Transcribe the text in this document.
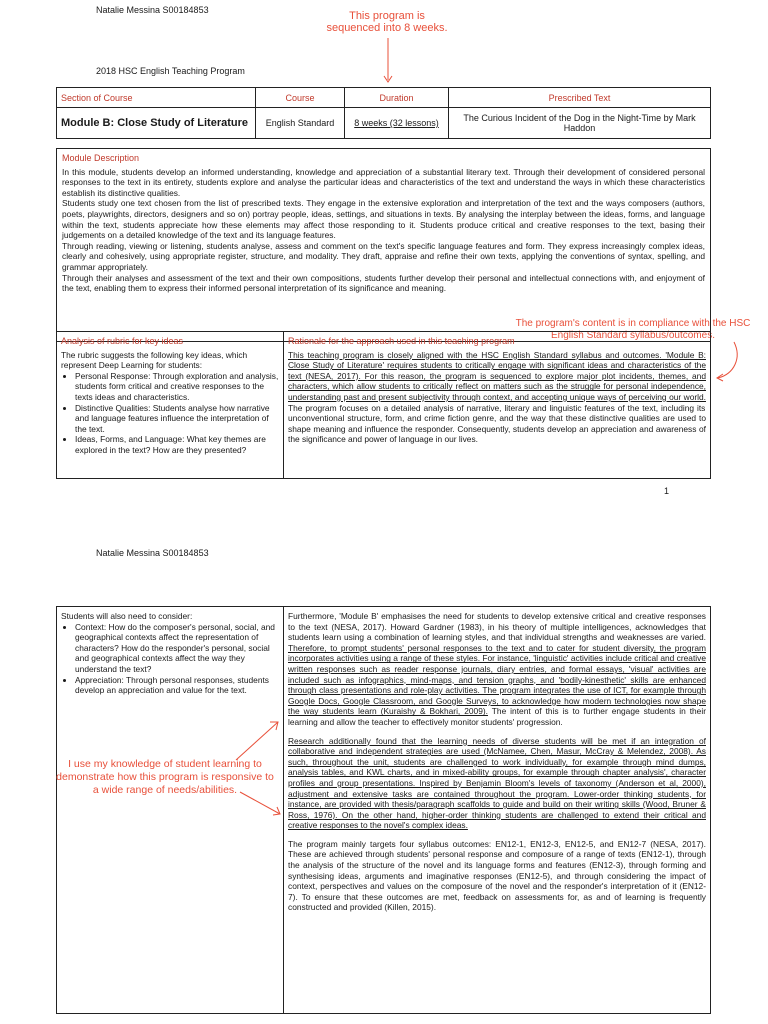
Natalie Messina S00184853	This program is sequenced into 8 weeks.
2018 HSC English Teaching Program
Section of Course	Course	Duration	Prescribed Text
Module B: Close Study of Literature	English Standard	8 weeks (32 lessons)	The Curious Incident of the Dog in the Night-Time by Mark Haddon
Module Description

In this module, students develop an informed understanding, knowledge and appreciation of a substantial literary text. Through their development of considered personal responses to the text in its entirety, students explore and analyse the particular ideas and characteristics of the text and understand the ways in which these characteristics establish its distinctive qualities.

Students study one text chosen from the list of prescribed texts. They engage in the extensive exploration and interpretation of the text and the ways composers (authors, poets, playwrights, directors, designers and so on) portray people, ideas, settings, and situations in texts. By analysing the interplay between the ideas, forms, and language within the text, students appreciate how these elements may affect those responding to it. Students produce critical and creative responses to the text, basing their judgements on a detailed knowledge of the text and its language features.

Through reading, viewing or listening, students analyse, assess and comment on the text's specific language features and form. They express increasingly complex ideas, clearly and cohesively, using appropriate register, structure, and modality. They draft, appraise and refine their own texts, applying the conventions of syntax, spelling, and grammar appropriately.

Through their analyses and assessment of the text and their own compositions, students further develop their personal and intellectual connections with, and enjoyment of the text, enabling them to express their informed personal interpretation of its significance and meaning.

The program's content is in compliance with the HSC English Standard syllabus/outcomes.
Analysis of rubric for key ideas

The rubric suggests the following key ideas, which represent Deep Learning for students:

• Personal Response: Through exploration and analysis, students form critical and creative responses to the texts ideas and characteristics.
• Distinctive Qualities: Students analyse how narrative and language features influence the interpretation of the text.
• Ideas, Forms, and Language: What key themes are explored in the text? How are they presented?
Rationale for the approach used in this teaching program

This teaching program is closely aligned with the HSC English Standard syllabus and outcomes. 'Module B: Close Study of Literature' requires students to critically engage with significant ideas and characteristics of the text (NESA, 2017). For this reason, the program is sequenced to explore major plot incidents, themes, and characters, which allow students to critically reflect on matters such as the struggle for personal independence, understanding past and present subjectivity through context, and accepting unique ways of perceiving our world. The program focuses on a detailed analysis of narrative, literary and linguistic features of the text, including its unconventional structure, form, and crime fiction genre, and the way that these distinctive qualities are used to shape meaning and influence the responder. Consequently, students develop an appreciation and awareness of the significance and power of language in our lives.

1
Natalie Messina S00184853

Students will also need to consider:

• Context: How do the composer's personal, social, and geographical contexts affect the representation of characters? How do the responder's personal, social and geographical contexts affect the way they understand the text?
• Appreciation: Through personal responses, students develop an appreciation and value for the text.

Furthermore, 'Module B' emphasises the need for students to develop extensive critical and creative responses to the text (NESA, 2017). Howard Gardner (1983), in his theory of multiple intelligences, acknowledges that students learn using a combination of learning styles, and that individual strengths and weaknesses are varied. Therefore, to prompt students' personal responses to the text and to cater for student diversity, the program incorporates activities using a range of these styles. For instance, 'linguistic' activities include critical and creative written responses such as reader response journals, diary entries, and formal essays, 'visual' activities are included such as infographics, mind-maps, and tension graphs, and 'bodily-kinesthetic' skills are enhanced through class presentations and role-play activities. The program integrates the use of ICT, for example through Google Docs, Google Classroom, and Google Surveys, to acknowledge how modern technologies now shape the way students learn (Kuraishy & Bokhari, 2009). The intent of this is to further engage students in their learning and allow the teacher to effectively monitor students' progression.

Research additionally found that the learning needs of diverse students will be met if an integration of collaborative and independent strategies are used (McNamee, Chen, Masur, McCray & Melendez, 2008). As such, throughout the unit, students are challenged to work individually, for example through mind dumps, analysis tables, and KWL charts, and in mixed-ability groups, for example through chapter analysis', character profiles and group presentations. Inspired by Benjamin Bloom's levels of taxonomy (Anderson et al, 2000), adjustment and extensive tasks are contained throughout the program. Lower-order thinking students, for instance, are provided with thesis/paragraph scaffolds to guide and build on their writing skills (Wood, Bruner & Ross, 1976). On the other hand, higher-order thinking students are challenged to extend their critical and creative responses to the novel's complex ideas.

The program mainly targets four syllabus outcomes: EN12-1, EN12-3, EN12-5, and EN12-7 (NESA, 2017). These are achieved through students' personal response and composure of a range of texts (EN12-1), through the analysis of the structure of the novel and its language forms and features (EN12-3), through forming and synthesising ideas, arguments and imaginative responses (EN12-5), and through considering the impact of context, perspectives and values on the composure of the novel and the responder's interpretation of it (EN12-7). To ensure that these outcomes are met, feedback on assessments for, as and of learning is frequently constructed and provided (Killen, 2015).

I use my knowledge of student learning to demonstrate how this program is responsive to a wide range of needs/abilities.
